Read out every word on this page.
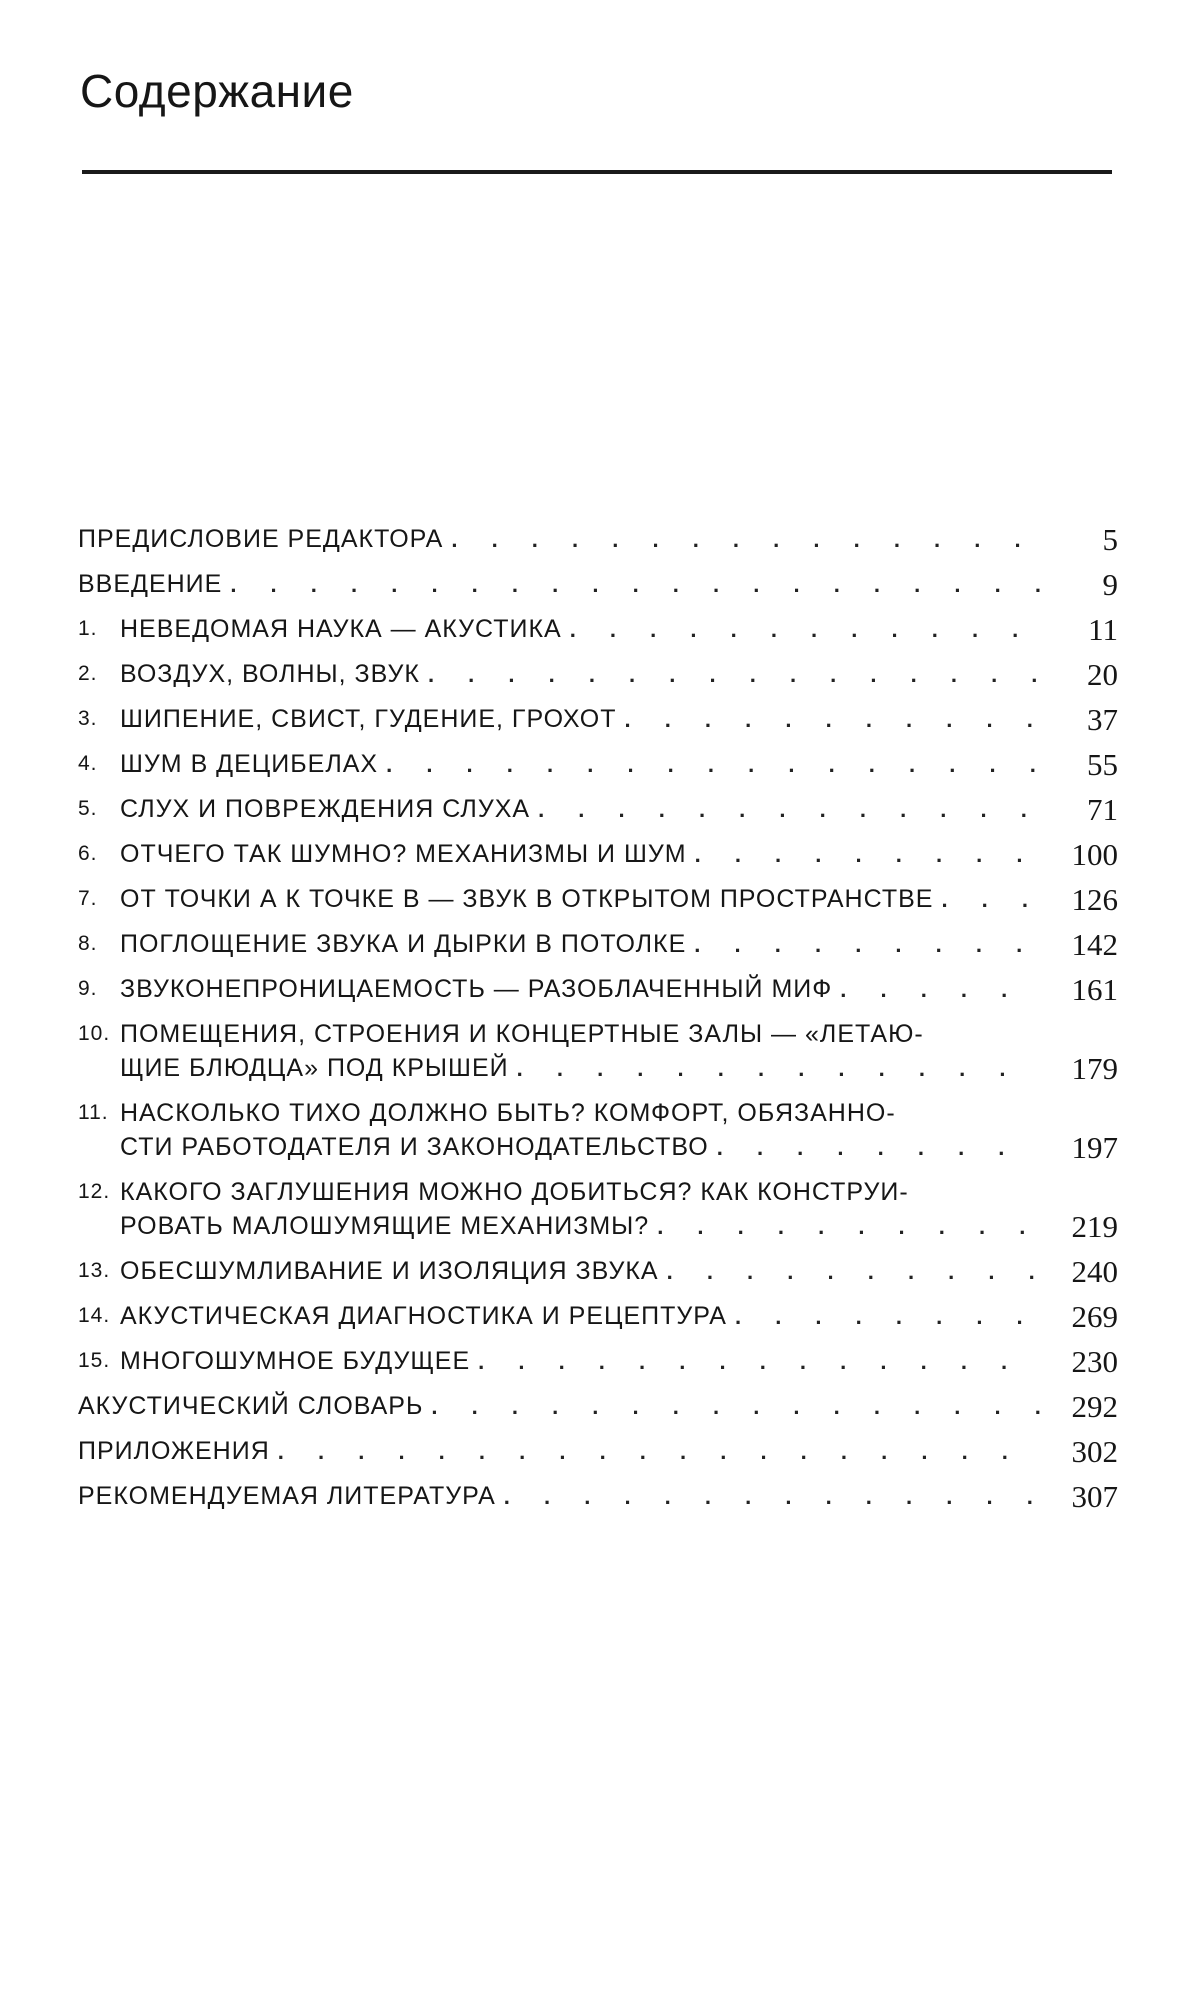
Содержание
ПРЕДИСЛОВИЕ РЕДАКТОРА . . .	5
ВВЕДЕНИЕ . . .	9
1. НЕВЕДОМАЯ НАУКА — АКУСТИКА . . .	11
2. ВОЗДУХ, ВОЛНЫ, ЗВУК . . .	20
3. ШИПЕНИЕ, СВИСТ, ГУДЕНИЕ, ГРОХОТ . . .	37
4. ШУМ В ДЕЦИБЕЛАХ . . .	55
5. СЛУХ И ПОВРЕЖДЕНИЯ СЛУХА . . .	71
6. ОТЧЕГО ТАК ШУМНО? МЕХАНИЗМЫ И ШУМ . . .	100
7. ОТ ТОЧКИ А К ТОЧКЕ В — ЗВУК В ОТКРЫТОМ ПРОСТРАНСТВЕ . . .	126
8. ПОГЛОЩЕНИЕ ЗВУКА И ДЫРКИ В ПОТОЛКЕ . . .	142
9. ЗВУКОНЕПРОНИЦАЕМОСТЬ — РАЗОБЛАЧЕННЫЙ МИФ . . .	161
10. ПОМЕЩЕНИЯ, СТРОЕНИЯ И КОНЦЕРТНЫЕ ЗАЛЫ — «ЛЕТАЮ-
ЩИЕ БЛЮДЦА» ПОД КРЫШЕЙ . . .	179
11. НАСКОЛЬКО ТИХО ДОЛЖНО БЫТЬ? КОМФОРТ, ОБЯЗАННО-
СТИ РАБОТОДАТЕЛЯ И ЗАКОНОДАТЕЛЬСТВО . . .	197
12. КАКОГО ЗАГЛУШЕНИЯ МОЖНО ДОБИТЬСЯ? КАК КОНСТРУИ-
РОВАТЬ МАЛОШУМЯЩИЕ МЕХАНИЗМЫ? . . .	219
13. ОБЕСШУМЛИВАНИЕ И ИЗОЛЯЦИЯ ЗВУКА . . .	240
14. АКУСТИЧЕСКАЯ ДИАГНОСТИКА И РЕЦЕПТУРА . . .	269
15. МНОГОШУМНОЕ БУДУЩЕЕ . . .	230
АКУСТИЧЕСКИЙ СЛОВАРЬ . . .	292
ПРИЛОЖЕНИЯ . . .	302
РЕКОМЕНДУЕМАЯ ЛИТЕРАТУРА . . .	307
